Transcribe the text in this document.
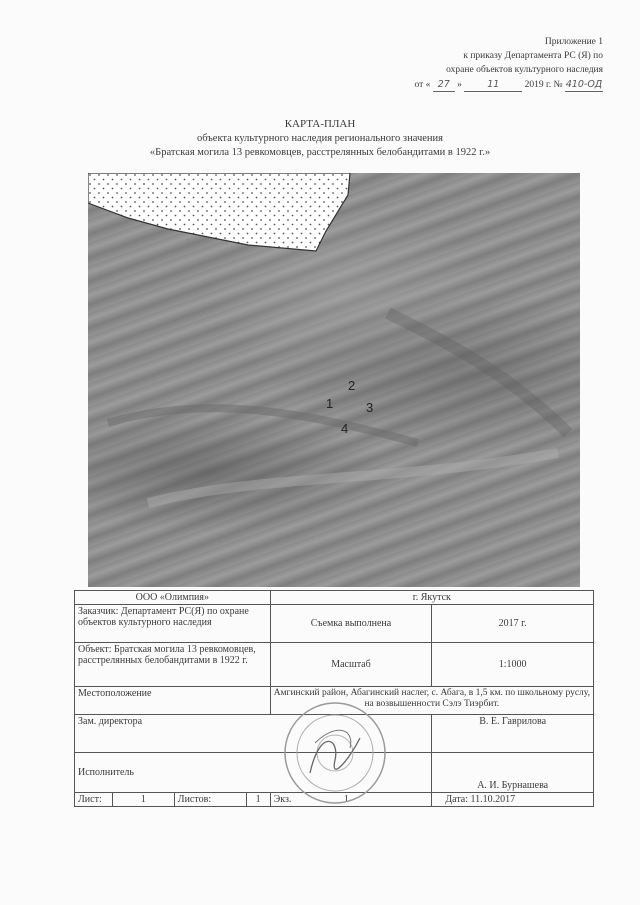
Приложение 1
к приказу Департамента РС (Я) по
охране объектов культурного наследия
от « 27 »	11	2019 г. № 410-ОД
КАРТА-ПЛАН
объекта культурного наследия регионального значения
«Братская могила 13 ревкомовцев, расстрелянных белобандитами в 1922 г.»
1
2
3
4
ООО «Олимпия»				г. Якутск	
Заказчик: Департамент РС(Я) по охране объектов культурного наследия				Съемка выполнена	2017 г.
Объект: Братская могила 13 ревкомовцев, расстрелянных белобандитами в 1922 г.				Масштаб	1:1000
Местоположение				Амгинский район, Абагинский наслег, с. Абага, в 1,5 км. по школьному руслу, на возвышенности Сэлэ Тиэрбит.	
Зам. директора					В. Е. Гаврилова
Исполнитель					А. И. Бурнашева
Лист:	1	Листов:	1	Экз. 1	Дата: 11.10.2017
